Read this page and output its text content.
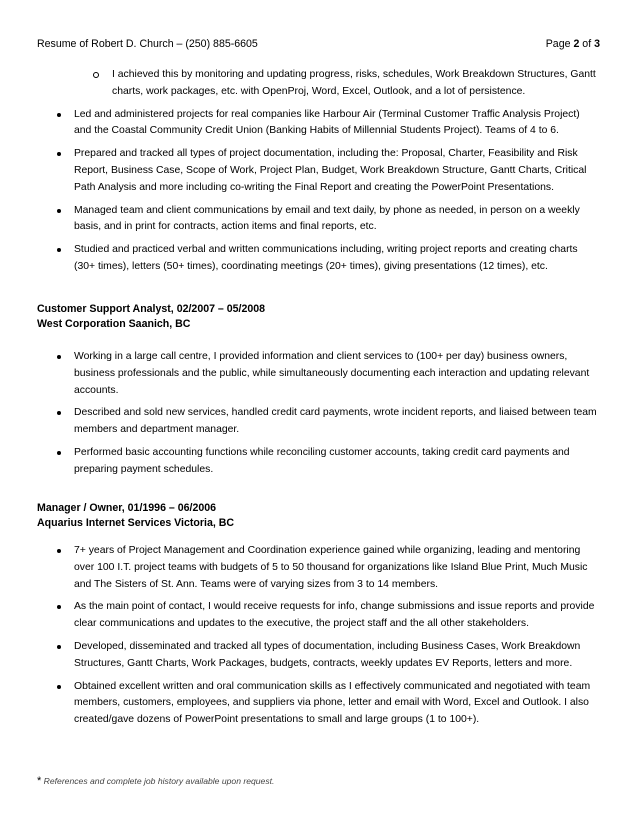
Resume of Robert D. Church – (250) 885-6605	Page 2 of 3
I achieved this by monitoring and updating progress, risks, schedules, Work Breakdown Structures, Gantt charts, work packages, etc. with OpenProj, Word, Excel, Outlook, and a lot of persistence.
Led and administered projects for real companies like Harbour Air (Terminal Customer Traffic Analysis Project) and the Coastal Community Credit Union (Banking Habits of Millennial Students Project). Teams of 4 to 6.
Prepared and tracked all types of project documentation, including the: Proposal, Charter, Feasibility and Risk Report, Business Case, Scope of Work, Project Plan, Budget, Work Breakdown Structure, Gantt Charts, Critical Path Analysis and more including co-writing the Final Report and creating the PowerPoint Presentations.
Managed team and client communications by email and text daily, by phone as needed, in person on a weekly basis, and in print for contracts, action items and final reports, etc.
Studied and practiced verbal and written communications including, writing project reports and creating charts (30+ times), letters (50+ times), coordinating meetings (20+ times), giving presentations (12 times), etc.
Customer Support Analyst, 02/2007 – 05/2008
West Corporation Saanich, BC
Working in a large call centre, I provided information and client services to (100+ per day) business owners, business professionals and the public, while simultaneously documenting each interaction and updating relevant accounts.
Described and sold new services, handled credit card payments, wrote incident reports, and liaised between team members and department manager.
Performed basic accounting functions while reconciling customer accounts, taking credit card payments and preparing payment schedules.
Manager / Owner, 01/1996 – 06/2006
Aquarius Internet Services Victoria, BC
7+ years of Project Management and Coordination experience gained while organizing, leading and mentoring over 100 I.T. project teams with budgets of 5 to 50 thousand for organizations like Island Blue Print, Much Music and The Sisters of St. Ann. Teams were of varying sizes from 3 to 14 members.
As the main point of contact, I would receive requests for info, change submissions and issue reports and provide clear communications and updates to the executive, the project staff and the all other stakeholders.
Developed, disseminated and tracked all types of documentation, including Business Cases, Work Breakdown Structures, Gantt Charts, Work Packages, budgets, contracts, weekly updates EV Reports, letters and more.
Obtained excellent written and oral communication skills as I effectively communicated and negotiated with team members, customers, employees, and suppliers via phone, letter and email with Word, Excel and Outlook. I also created/gave dozens of PowerPoint presentations to small and large groups (1 to 100+).
* References and complete job history available upon request.
